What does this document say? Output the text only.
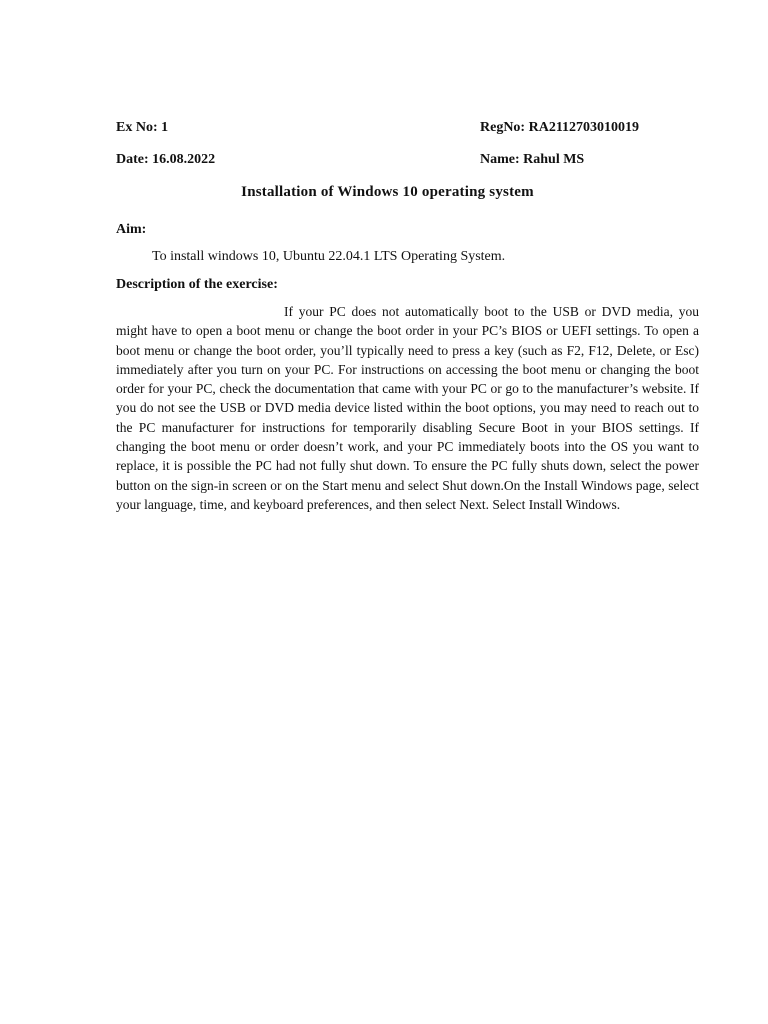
Ex No: 1	RegNo: RA2112703010019
Date: 16.08.2022	Name: Rahul MS
Installation of Windows 10 operating system
Aim:
To install windows 10, Ubuntu 22.04.1 LTS Operating System.
Description of the exercise:

If your PC does not automatically boot to the USB or DVD media, you might have to open a boot menu or change the boot order in your PC’s BIOS or UEFI settings. To open a boot menu or change the boot order, you’ll typically need to press a key (such as F2, F12, Delete, or Esc) immediately after you turn on your PC. For instructions on accessing the boot menu or changing the boot order for your PC, check the documentation that came with your PC or go to the manufacturer’s website. If you do not see the USB or DVD media device listed within the boot options, you may need to reach out to the PC manufacturer for instructions for temporarily disabling Secure Boot in your BIOS settings. If changing the boot menu or order doesn’t work, and your PC immediately boots into the OS you want to replace, it is possible the PC had not fully shut down. To ensure the PC fully shuts down, select the power button on the sign-in screen or on the Start menu and select Shut down.On the Install Windows page, select your language, time, and keyboard preferences, and then select Next. Select Install Windows.
